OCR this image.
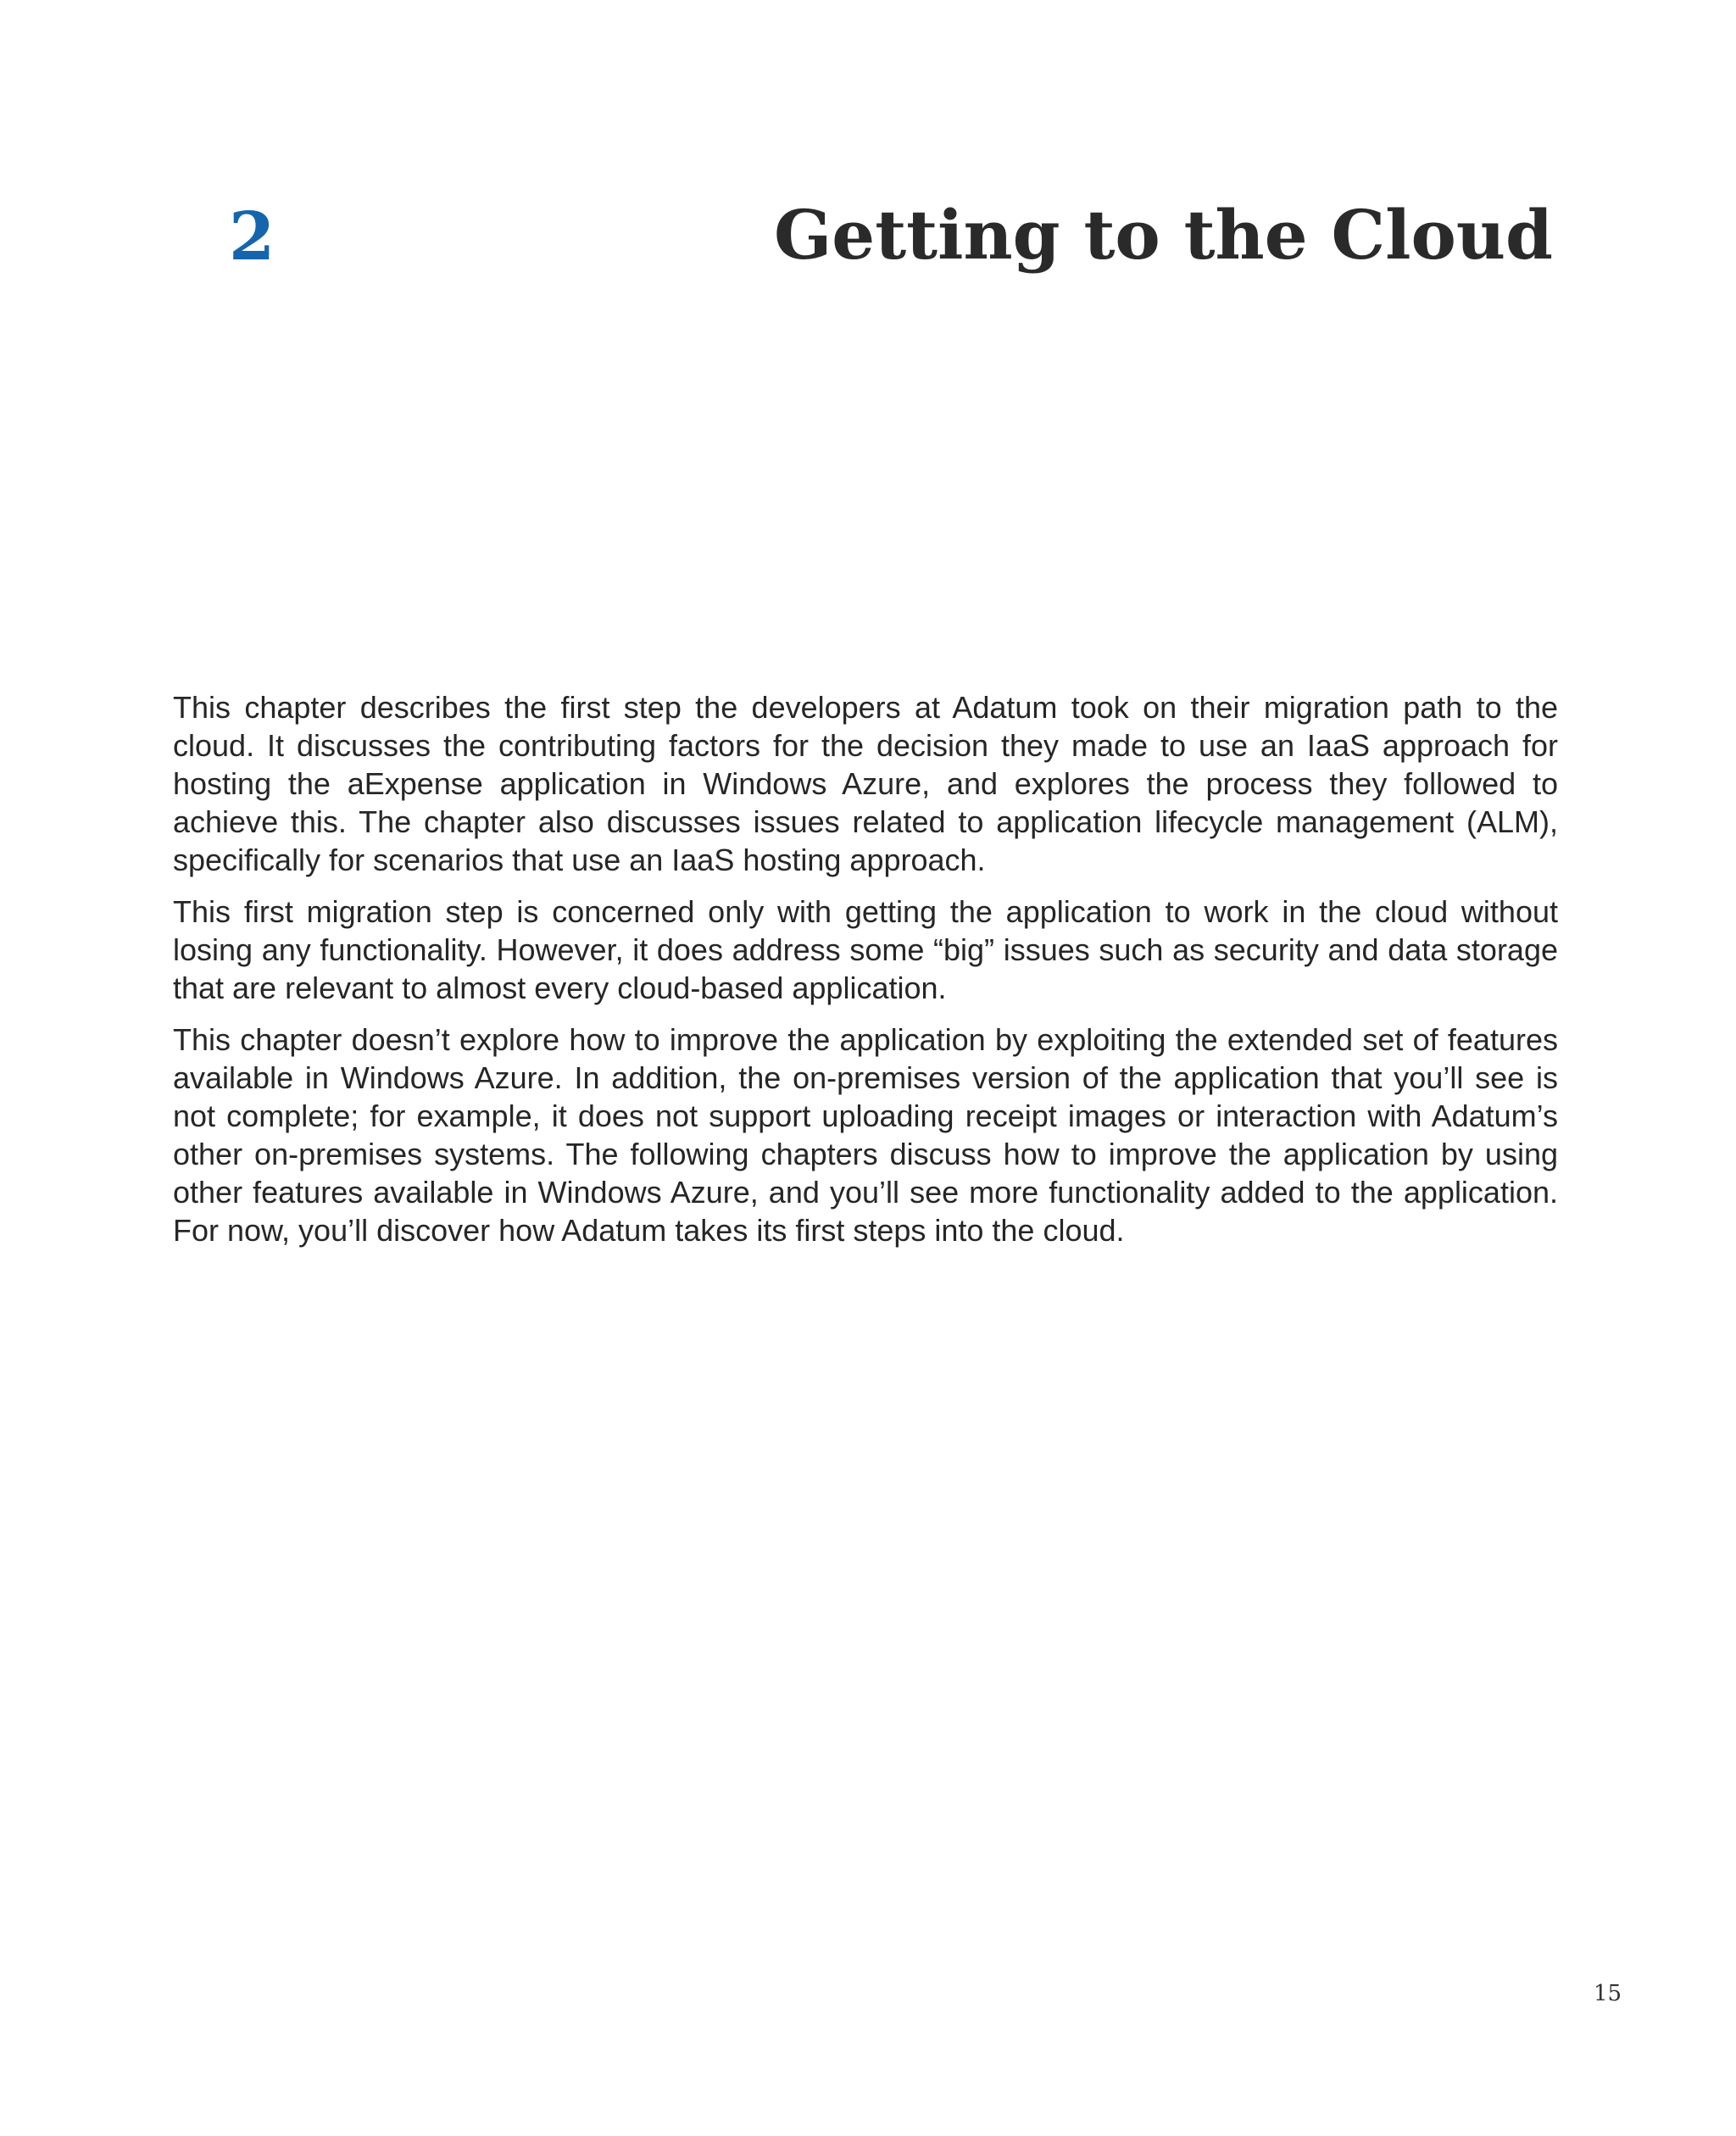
2	Getting to the Cloud

This chapter describes the first step the developers at Adatum took on their migration path to the cloud. It discusses the contributing factors for the decision they made to use an IaaS approach for hosting the aExpense application in Windows Azure, and explores the process they followed to achieve this. The chapter also discusses issues related to application lifecycle management (ALM), specifically for scenarios that use an IaaS hosting approach.

This first migration step is concerned only with getting the application to work in the cloud without losing any functionality. However, it does address some “big” issues such as security and data storage that are relevant to almost every cloud-based application.

This chapter doesn’t explore how to improve the application by exploiting the extended set of features available in Windows Azure. In addition, the on-premises version of the application that you’ll see is not complete; for example, it does not support uploading receipt images or interaction with Adatum’s other on-premises systems. The following chapters discuss how to improve the application by using other features available in Windows Azure, and you’ll see more functionality added to the application. For now, you’ll discover how Adatum takes its first steps into the cloud.

15
